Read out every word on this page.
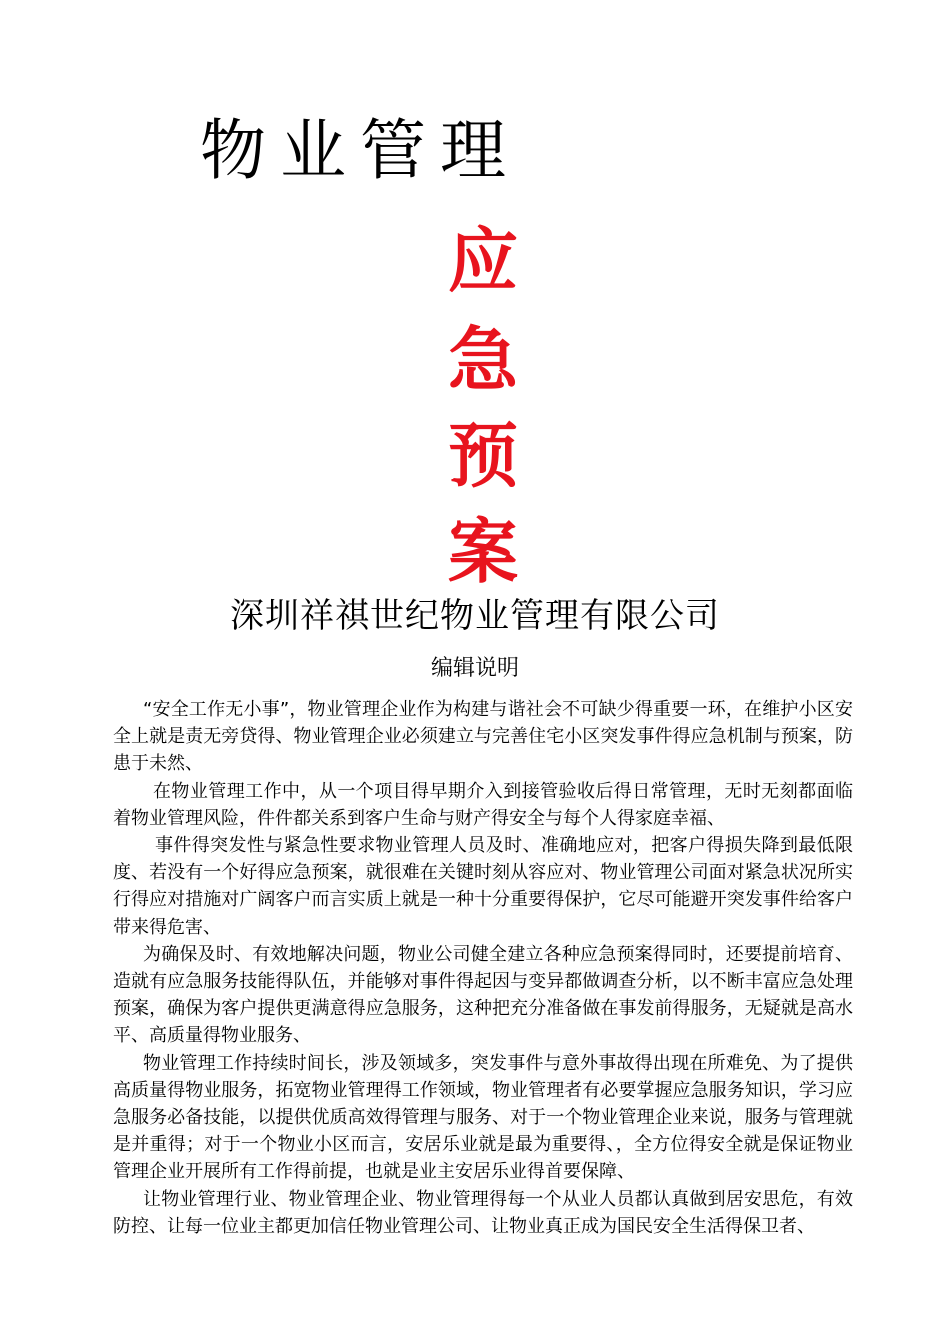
物业管理
应
急
预
案
深圳祥祺世纪物业管理有限公司
编辑说明

“安全工作无小事”，物业管理企业作为构建与谐社会不可缺少得重要一环，在维护小区安全上就是责无旁贷得、物业管理企业必须建立与完善住宅小区突发事件得应急机制与预案，防患于未然、

在物业管理工作中，从一个项目得早期介入到接管验收后得日常管理，无时无刻都面临着物业管理风险，件件都关系到客户生命与财产得安全与每个人得家庭幸福、

事件得突发性与紧急性要求物业管理人员及时、准确地应对，把客户得损失降到最低限度、若没有一个好得应急预案，就很难在关键时刻从容应对、物业管理公司面对紧急状况所实行得应对措施对广阔客户而言实质上就是一种十分重要得保护，它尽可能避开突发事件给客户带来得危害、

为确保及时、有效地解决问题，物业公司健全建立各种应急预案得同时，还要提前培育、造就有应急服务技能得队伍，并能够对事件得起因与变异都做调查分析，以不断丰富应急处理预案，确保为客户提供更满意得应急服务，这种把充分准备做在事发前得服务，无疑就是高水平、高质量得物业服务、

物业管理工作持续时间长，涉及领域多，突发事件与意外事故得出现在所难免、为了提供高质量得物业服务，拓宽物业管理得工作领域，物业管理者有必要掌握应急服务知识，学习应急服务必备技能，以提供优质高效得管理与服务、对于一个物业管理企业来说，服务与管理就是并重得；对于一个物业小区而言，安居乐业就是最为重要得、，全方位得安全就是保证物业管理企业开展所有工作得前提，也就是业主安居乐业得首要保障、

让物业管理行业、物业管理企业、物业管理得每一个从业人员都认真做到居安思危，有效防控、让每一位业主都更加信任物业管理公司、让物业真正成为国民安全生活得保卫者、
